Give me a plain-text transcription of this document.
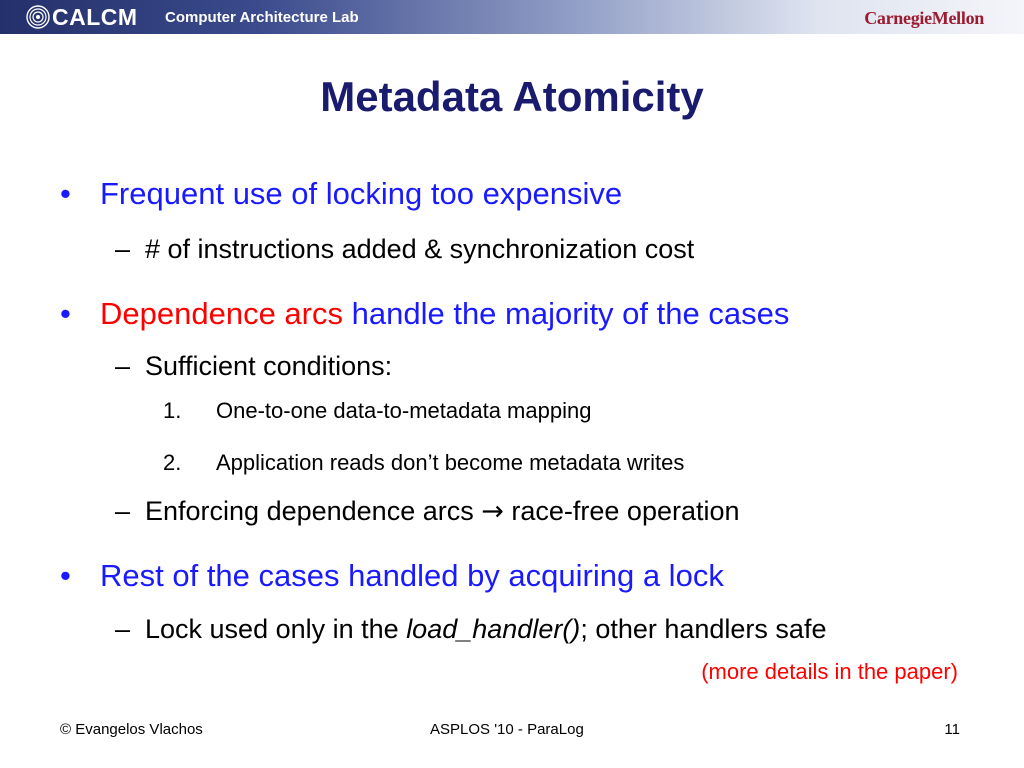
CALCM Computer Architecture Lab	CarnegieMellon
Metadata Atomicity
• Frequent use of locking too expensive
– # of instructions added & synchronization cost
• Dependence arcs handle the majority of the cases
– Sufficient conditions:
1. One-to-one data-to-metadata mapping
2. Application reads don’t become metadata writes
– Enforcing dependence arcs → race-free operation
• Rest of the cases handled by acquiring a lock
– Lock used only in the load_handler(); other handlers safe
(more details in the paper)
© Evangelos Vlachos	ASPLOS '10 - ParaLog	11
